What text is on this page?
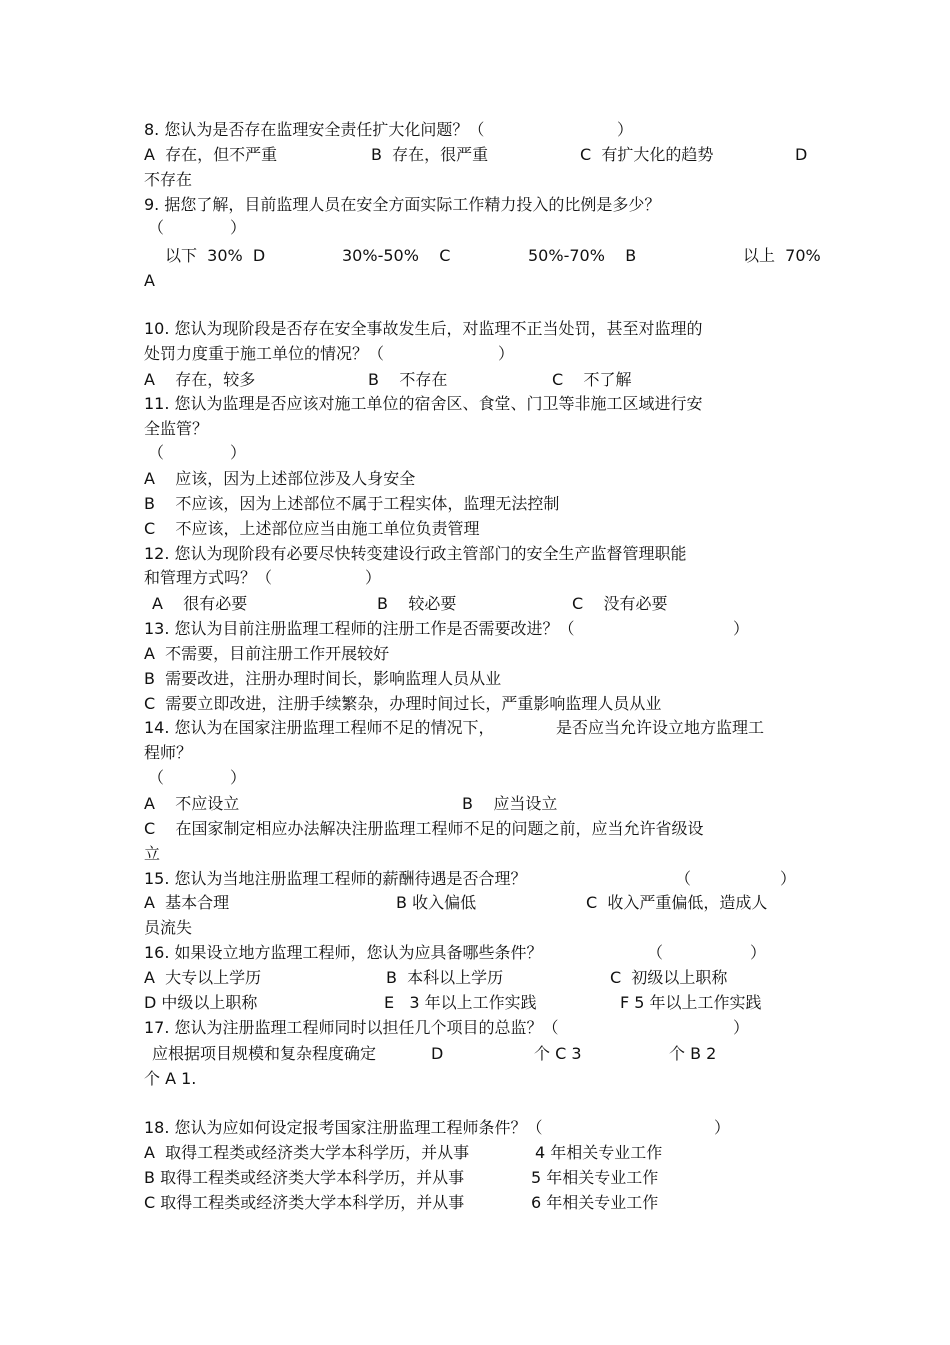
8. 您认为是否存在监理安全责任扩大化问题？（	）
A  存在，但不严重	B  存在，很严重	C  有扩大化的趋势	D
不存在
9. 据您了解，目前监理人员在安全方面实际工作精力投入的比例是多少？
（	）
以下  30%  D	30%-50%    C	50%-70%    B	以上  70%
A
10. 您认为现阶段是否存在安全事故发生后，对监理不正当处罚，甚至对监理的
处罚力度重于施工单位的情况？（	）
A    存在，较多	B    不存在	C    不了解
11. 您认为监理是否应该对施工单位的宿舍区、食堂、门卫等非施工区域进行安
全监管？
（	）
A    应该，因为上述部位涉及人身安全
B    不应该，因为上述部位不属于工程实体，监理无法控制
C    不应该，上述部位应当由施工单位负责管理
12. 您认为现阶段有必要尽快转变建设行政主管部门的安全生产监督管理职能
和管理方式吗？（	）
A    很有必要	B    较必要	C    没有必要
13. 您认为目前注册监理工程师的注册工作是否需要改进？（	）
A  不需要，目前注册工作开展较好
B  需要改进，注册办理时间长，影响监理人员从业
C  需要立即改进，注册手续繁杂，办理时间过长，严重影响监理人员从业
14. 您认为在国家注册监理工程师不足的情况下，	是否应当允许设立地方监理工
程师？
（	）
A    不应设立	B    应当设立
C    在国家制定相应办法解决注册监理工程师不足的问题之前，应当允许省级设
立
15. 您认为当地注册监理工程师的薪酬待遇是否合理？	（	）
A  基本合理	B 收入偏低	C  收入严重偏低，造成人
员流失
16. 如果设立地方监理工程师，您认为应具备哪些条件？	（	）
A  大专以上学历	B  本科以上学历	C  初级以上职称
D 中级以上职称	E   3 年以上工作实践	F 5 年以上工作实践
17. 您认为注册监理工程师同时以担任几个项目的总监？（	）
应根据项目规模和复杂程度确定	D	个 C 3	个 B 2
个 A 1.
18. 您认为应如何设定报考国家注册监理工程师条件？（	）
A  取得工程类或经济类大学本科学历，并从事	4 年相关专业工作
B 取得工程类或经济类大学本科学历，并从事	5 年相关专业工作
C 取得工程类或经济类大学本科学历，并从事	6 年相关专业工作
